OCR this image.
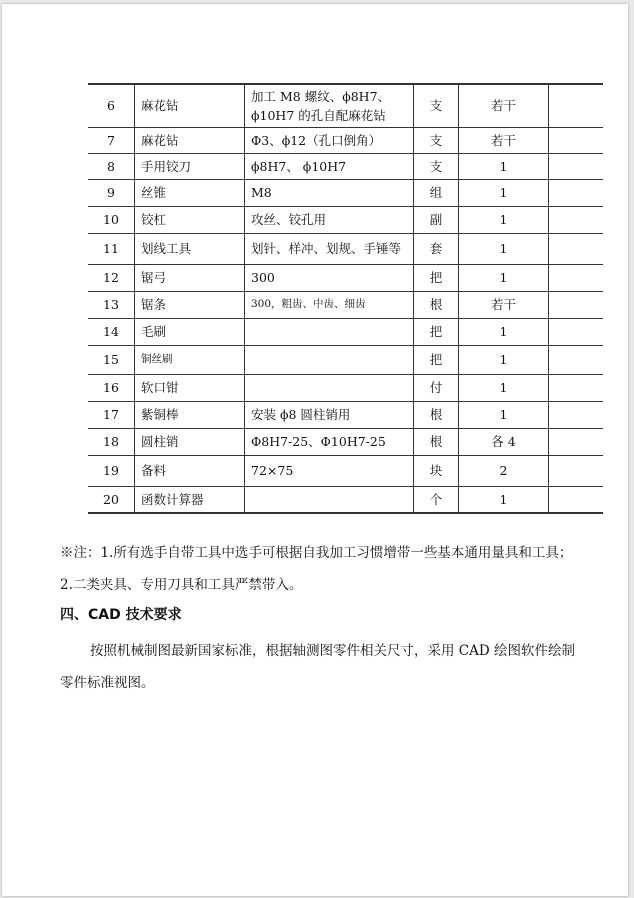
6	麻花钻	加工 M8 螺纹、ϕ8H7、ϕ10H7 的孔自配麻花钻	支	若干	
7	麻花钻	Φ3、ϕ12（孔口倒角）	支	若干	
8	手用铰刀	ϕ8H7、 ϕ10H7	支	1	
9	丝锥	M8	组	1	
10	铰杠	攻丝、铰孔用	副	1	
11	划线工具	划针、样冲、划规、手锤等	套	1	
12	锯弓	300	把	1	
13	锯条	300，粗齿、中齿、细齿	根	若干	
14	毛刷		把	1	
15	铜丝刷		把	1	
16	软口钳		付	1	
17	紫铜棒	安装 ϕ8 圆柱销用	根	1	
18	圆柱销	Φ8H7-25、Φ10H7-25	根	各 4	
19	备料	72×75	块	2	
20	函数计算器		个	1	

※注：1.所有选手自带工具中选手可根据自我加工习惯增带一些基本通用量具和工具；2.二类夹具、专用刀具和工具严禁带入。

四、CAD 技术要求

按照机械制图最新国家标准，根据轴测图零件相关尺寸，采用 CAD 绘图软件绘制零件标准视图。
